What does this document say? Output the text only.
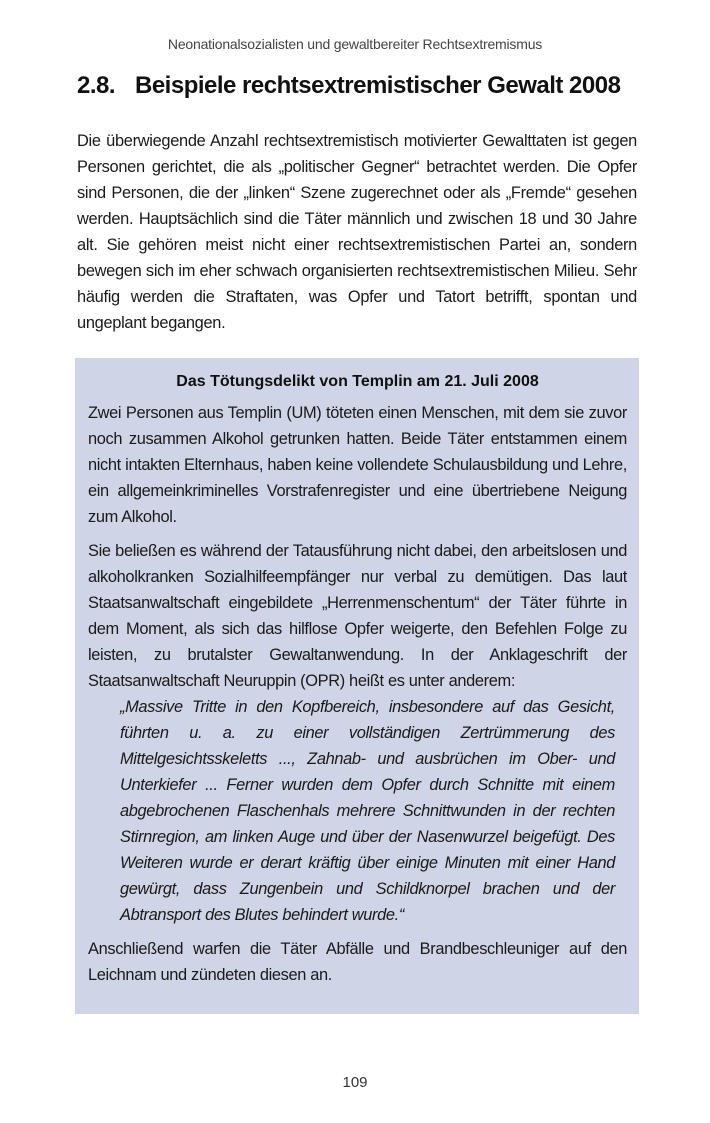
Neonationalsozialisten und gewaltbereiter Rechtsextremismus
2.8. Beispiele rechtsextremistischer Gewalt 2008

Die überwiegende Anzahl rechtsextremistisch motivierter Gewalttaten ist gegen Personen gerichtet, die als „politischer Gegner“ betrachtet werden. Die Opfer sind Personen, die der „linken“ Szene zugerechnet oder als „Fremde“ gesehen werden. Hauptsächlich sind die Täter männlich und zwischen 18 und 30 Jahre alt. Sie gehören meist nicht einer rechtsextremistischen Partei an, sondern bewegen sich im eher schwach organisierten rechtsextremistischen Milieu. Sehr häufig werden die Straftaten, was Opfer und Tatort betrifft, spontan und ungeplant begangen.

Das Tötungsdelikt von Templin am 21. Juli 2008

Zwei Personen aus Templin (UM) töteten einen Menschen, mit dem sie zuvor noch zusammen Alkohol getrunken hatten. Beide Täter entstammen einem nicht intakten Elternhaus, haben keine vollendete Schulausbildung und Lehre, ein allgemeinkriminelles Vorstrafenregister und eine übertriebene Neigung zum Alkohol.

Sie beließen es während der Tatausführung nicht dabei, den arbeitslosen und alkoholkranken Sozialhilfeempfänger nur verbal zu demütigen. Das laut Staatsanwaltschaft eingebildete „Herrenmenschentum“ der Täter führte in dem Moment, als sich das hilflose Opfer weigerte, den Befehlen Folge zu leisten, zu brutalster Gewaltanwendung. In der Anklageschrift der Staatsanwaltschaft Neuruppin (OPR) heißt es unter anderem:

„Massive Tritte in den Kopfbereich, insbesondere auf das Gesicht, führten u. a. zu einer vollständigen Zertrümmerung des Mittelgesichtsskeletts ..., Zahnab- und ausbrüchen im Ober- und Unterkiefer ... Ferner wurden dem Opfer durch Schnitte mit einem abgebrochenen Flaschenhals mehrere Schnittwunden in der rechten Stirnregion, am linken Auge und über der Nasenwurzel beigefügt. Des Weiteren wurde er derart kräftig über einige Minuten mit einer Hand gewürgt, dass Zungenbein und Schildknorpel brachen und der Abtransport des Blutes behindert wurde.“

Anschließend warfen die Täter Abfälle und Brandbeschleuniger auf den Leichnam und zündeten diesen an.

109
